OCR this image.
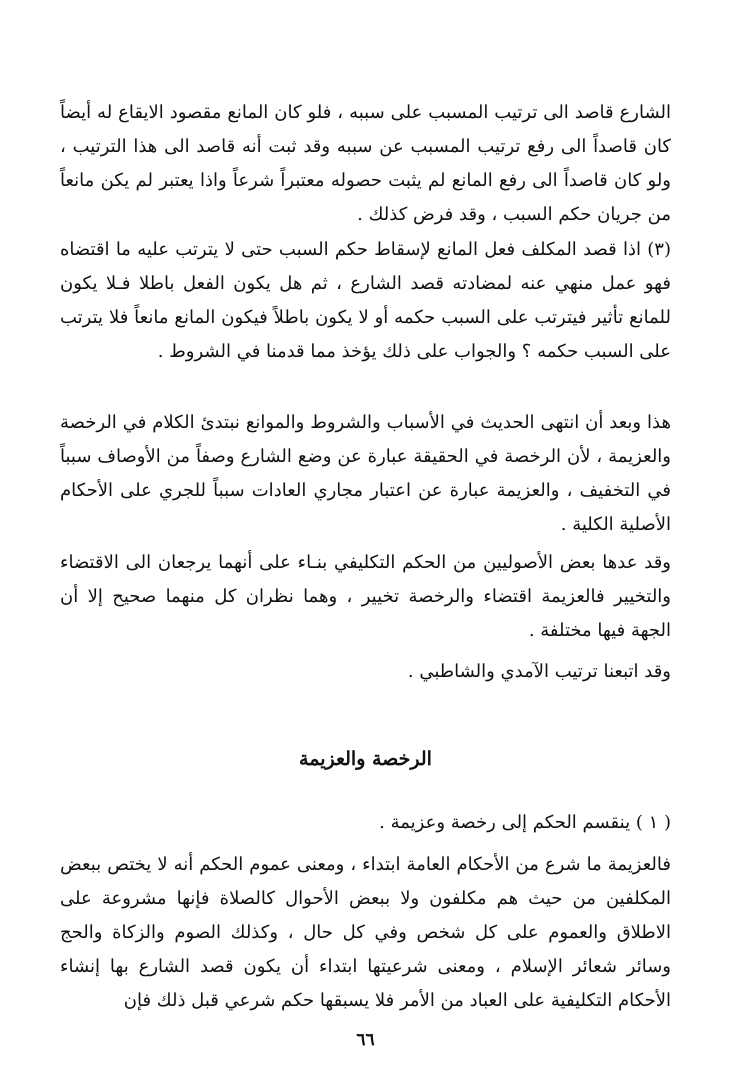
الشارع قاصد الى ترتيب المسبب على سببه ، فلو كان المانع مقصود الايقاع له أيضاً كان قاصداً الى رفع ترتيب المسبب عن سببه وقد ثبت أنه قاصد الى هذا الترتيب ، ولو كان قاصداً الى رفع المانع لم يثبت حصوله معتبراً شرعاً واذا يعتبر لم يكن مانعاً من جريان حكم السبب ، وقد فرض كذلك .

(٣) اذا قصد المكلف فعل المانع لإسقاط حكم السبب حتى لا يترتب عليه ما اقتضاه فهو عمل منهي عنه لمضادته قصد الشارع ، ثم هل يكون الفعل باطلا فـلا يكون للمانع تأثير فيترتب على السبب حكمه أو لا يكون باطلاً فيكون المانع مانعاً فلا يترتب على السبب حكمه ؟ والجواب على ذلك يؤخذ مما قدمنا في الشروط .

هذا وبعد أن انتهى الحديث في الأسباب والشروط والموانع نبتدئ الكلام في الرخصة والعزيمة ، لأن الرخصة في الحقيقة عبارة عن وضع الشارع وصفاً من الأوصاف سبباً في التخفيف ، والعزيمة عبارة عن اعتبار مجاري العادات سبباً للجري على الأحكام الأصلية الكلية .

وقد عدها بعض الأصوليين من الحكم التكليفي بنـاء على أنهما يرجعان الى الاقتضاء والتخيير فالعزيمة اقتضاء والرخصة تخيير ، وهما نظران كل منهما صحيح إلا أن الجهة فيها مختلفة .

وقد اتبعنا ترتيب الآمدي والشاطبي .

الرخصة والعزيمة

( ١ ) ينقسم الحكم إلى رخصة وعزيمة .

فالعزيمة ما شرع من الأحكام العامة ابتداء ، ومعنى عموم الحكم أنه لا يختص ببعض المكلفين من حيث هم مكلفون ولا ببعض الأحوال كالصلاة فإنها مشروعة على الاطلاق والعموم على كل شخص وفي كل حال ، وكذلك الصوم والزكاة والحج وسائر شعائر الإسلام ، ومعنى شرعيتها ابتداء أن يكون قصد الشارع بها إنشاء الأحكام التكليفية على العباد من الأمر فلا يسبقها حكم شرعي قبل ذلك فإن

٦٦
